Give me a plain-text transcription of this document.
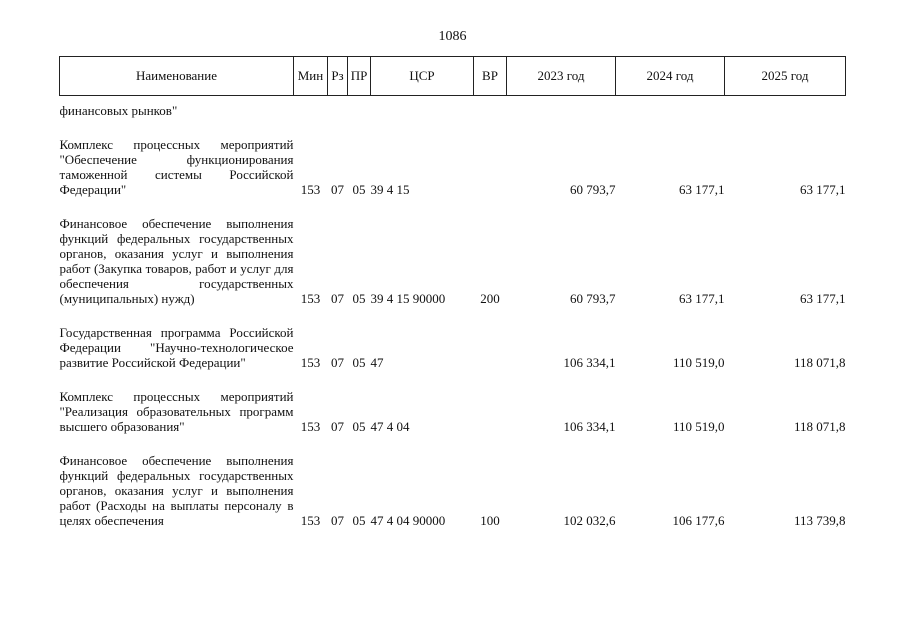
1086
Наименование	Мин	Рз	ПР	ЦСР	ВР	2023 год	2024 год	2025 год
финансовых рынков"								

Комплекс процессных мероприятий "Обеспечение функционирования таможенной системы Российской Федерации"	153	07	05	39 4 15		60 793,7	63 177,1	63 177,1

Финансовое обеспечение выполнения функций федеральных государственных органов, оказания услуг и выполнения работ (Закупка товаров, работ и услуг для обеспечения государственных (муниципальных) нужд)	153	07	05	39 4 15 90000	200	60 793,7	63 177,1	63 177,1

Государственная программа Российской Федерации "Научно-технологическое развитие Российской Федерации"	153	07	05	47		106 334,1	110 519,0	118 071,8

Комплекс процессных мероприятий "Реализация образовательных программ высшего образования"	153	07	05	47 4 04		106 334,1	110 519,0	118 071,8

Финансовое обеспечение выполнения функций федеральных государственных органов, оказания услуг и выполнения работ (Расходы на выплаты персоналу в целях обеспечения	153	07	05	47 4 04 90000	100	102 032,6	106 177,6	113 739,8
